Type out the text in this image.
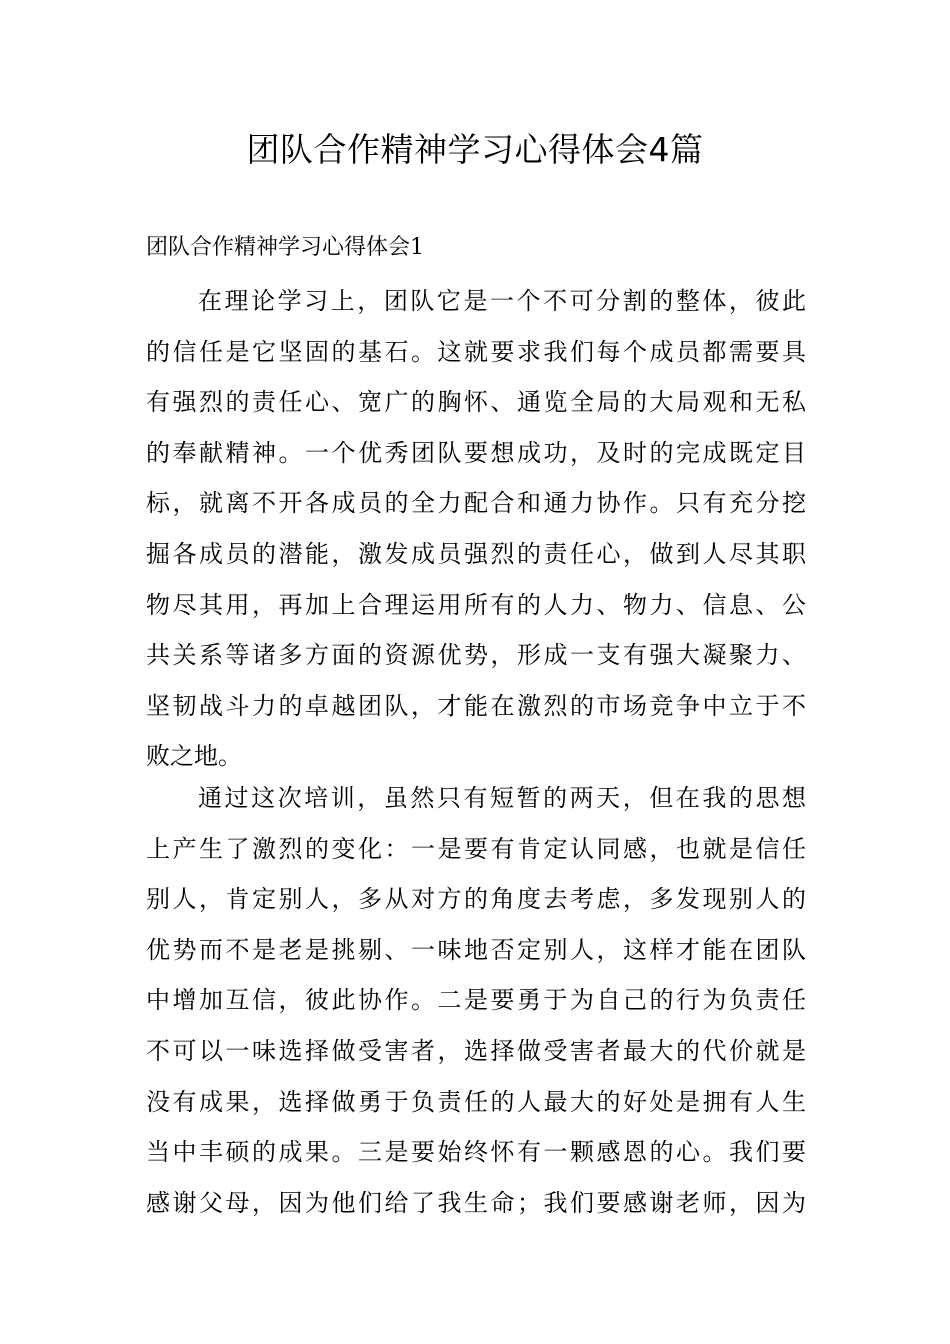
团队合作精神学习心得体会4篇
团队合作精神学习心得体会1
在理论学习上，团队它是一个不可分割的整体，彼此
的信任是它坚固的基石。这就要求我们每个成员都需要具
有强烈的责任心、宽广的胸怀、通览全局的大局观和无私
的奉献精神。一个优秀团队要想成功，及时的完成既定目
标，就离不开各成员的全力配合和通力协作。只有充分挖
掘各成员的潜能，激发成员强烈的责任心，做到人尽其职
物尽其用，再加上合理运用所有的人力、物力、信息、公
共关系等诸多方面的资源优势，形成一支有强大凝聚力、
坚韧战斗力的卓越团队，才能在激烈的市场竞争中立于不
败之地。
通过这次培训，虽然只有短暂的两天，但在我的思想
上产生了激烈的变化：一是要有肯定认同感，也就是信任
别人，肯定别人，多从对方的角度去考虑，多发现别人的
优势而不是老是挑剔、一味地否定别人，这样才能在团队
中增加互信，彼此协作。二是要勇于为自己的行为负责任
不可以一味选择做受害者，选择做受害者最大的代价就是
没有成果，选择做勇于负责任的人最大的好处是拥有人生
当中丰硕的成果。三是要始终怀有一颗感恩的心。我们要
感谢父母，因为他们给了我生命；我们要感谢老师，因为
